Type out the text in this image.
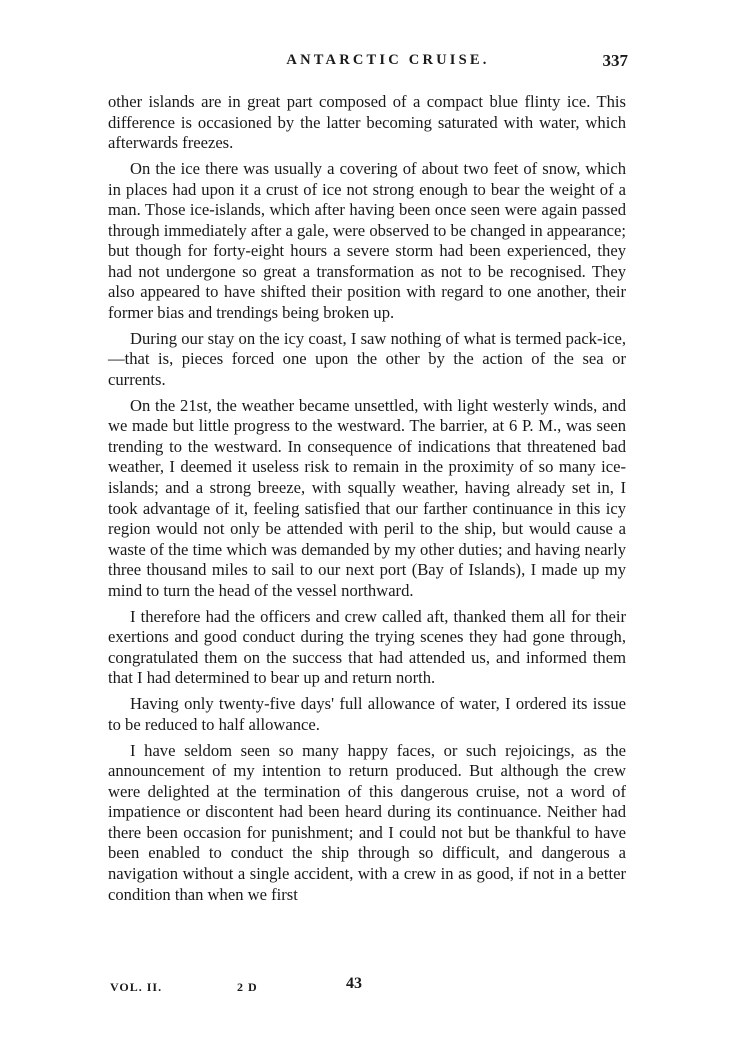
ANTARCTIC CRUISE.	337

other islands are in great part composed of a compact blue flinty ice. This difference is occasioned by the latter becoming saturated with water, which afterwards freezes.

On the ice there was usually a covering of about two feet of snow, which in places had upon it a crust of ice not strong enough to bear the weight of a man. Those ice-islands, which after having been once seen were again passed through immediately after a gale, were observed to be changed in appearance; but though for forty-eight hours a severe storm had been experienced, they had not undergone so great a transformation as not to be recognised. They also appeared to have shifted their position with regard to one another, their former bias and trendings being broken up.

During our stay on the icy coast, I saw nothing of what is termed pack-ice,—that is, pieces forced one upon the other by the action of the sea or currents.

On the 21st, the weather became unsettled, with light westerly winds, and we made but little progress to the westward. The barrier, at 6 P. M., was seen trending to the westward. In consequence of indications that threatened bad weather, I deemed it useless risk to remain in the proximity of so many ice-islands; and a strong breeze, with squally weather, having already set in, I took advantage of it, feeling satisfied that our farther continuance in this icy region would not only be attended with peril to the ship, but would cause a waste of the time which was demanded by my other duties; and having nearly three thousand miles to sail to our next port (Bay of Islands), I made up my mind to turn the head of the vessel northward.

I therefore had the officers and crew called aft, thanked them all for their exertions and good conduct during the trying scenes they had gone through, congratulated them on the success that had attended us, and informed them that I had determined to bear up and return north.

Having only twenty-five days' full allowance of water, I ordered its issue to be reduced to half allowance.

I have seldom seen so many happy faces, or such rejoicings, as the announcement of my intention to return produced. But although the crew were delighted at the termination of this dangerous cruise, not a word of impatience or discontent had been heard during its continuance. Neither had there been occasion for punishment; and I could not but be thankful to have been enabled to conduct the ship through so difficult, and dangerous a navigation without a single accident, with a crew in as good, if not in a better condition than when we first

VOL. II.	2 D	43
